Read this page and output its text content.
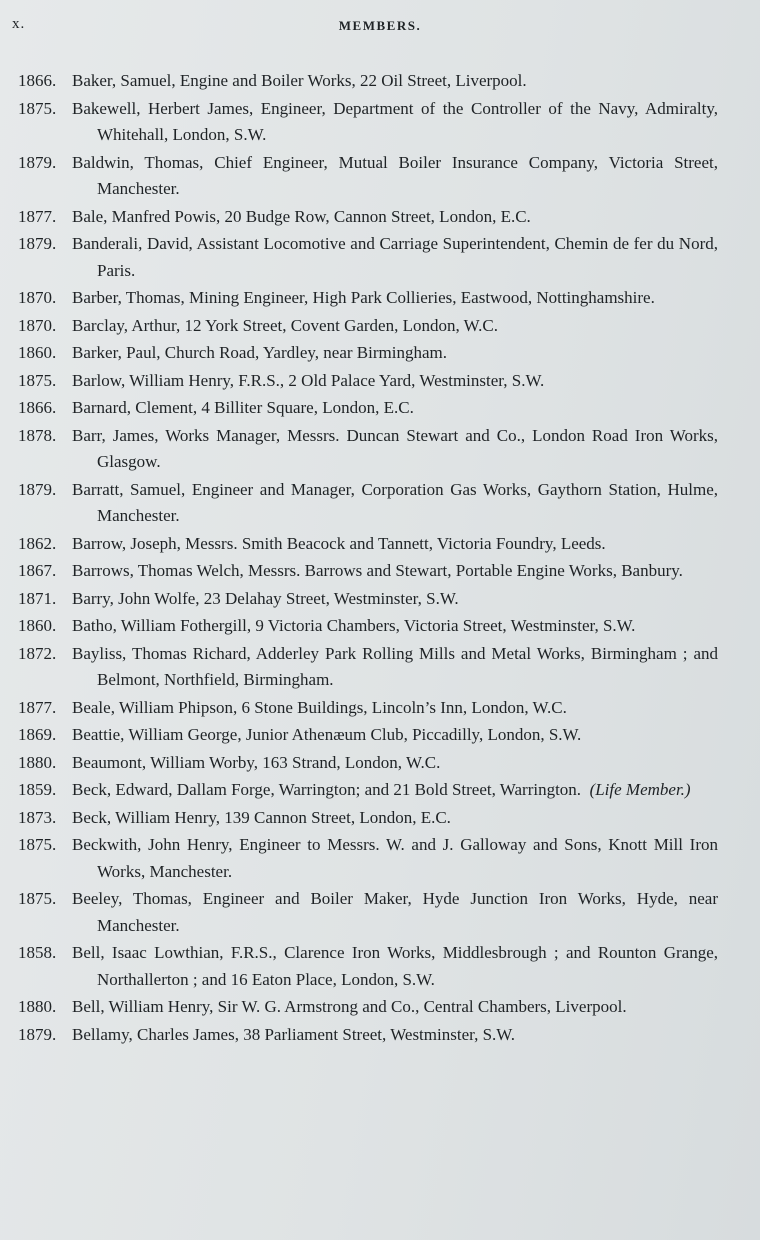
x.	MEMBERS.
1866. Baker, Samuel, Engine and Boiler Works, 22 Oil Street, Liverpool.
1875. Bakewell, Herbert James, Engineer, Department of the Controller of the Navy, Admiralty, Whitehall, London, S.W.
1879. Baldwin, Thomas, Chief Engineer, Mutual Boiler Insurance Company, Victoria Street, Manchester.
1877. Bale, Manfred Powis, 20 Budge Row, Cannon Street, London, E.C.
1879. Banderali, David, Assistant Locomotive and Carriage Superintendent, Chemin de fer du Nord, Paris.
1870. Barber, Thomas, Mining Engineer, High Park Collieries, Eastwood, Nottinghamshire.
1870. Barclay, Arthur, 12 York Street, Covent Garden, London, W.C.
1860. Barker, Paul, Church Road, Yardley, near Birmingham.
1875. Barlow, William Henry, F.R.S., 2 Old Palace Yard, Westminster, S.W.
1866. Barnard, Clement, 4 Billiter Square, London, E.C.
1878. Barr, James, Works Manager, Messrs. Duncan Stewart and Co., London Road Iron Works, Glasgow.
1879. Barratt, Samuel, Engineer and Manager, Corporation Gas Works, Gaythorn Station, Hulme, Manchester.
1862. Barrow, Joseph, Messrs. Smith Beacock and Tannett, Victoria Foundry, Leeds.
1867. Barrows, Thomas Welch, Messrs. Barrows and Stewart, Portable Engine Works, Banbury.
1871. Barry, John Wolfe, 23 Delahay Street, Westminster, S.W.
1860. Batho, William Fothergill, 9 Victoria Chambers, Victoria Street, Westminster, S.W.
1872. Bayliss, Thomas Richard, Adderley Park Rolling Mills and Metal Works, Birmingham ; and Belmont, Northfield, Birmingham.
1877. Beale, William Phipson, 6 Stone Buildings, Lincoln’s Inn, London, W.C.
1869. Beattie, William George, Junior Athenæum Club, Piccadilly, London, S.W.
1880. Beaumont, William Worby, 163 Strand, London, W.C.
1859. Beck, Edward, Dallam Forge, Warrington; and 21 Bold Street, Warrington.  (Life Member.)
1873. Beck, William Henry, 139 Cannon Street, London, E.C.
1875. Beckwith, John Henry, Engineer to Messrs. W. and J. Galloway and Sons, Knott Mill Iron Works, Manchester.
1875. Beeley, Thomas, Engineer and Boiler Maker, Hyde Junction Iron Works, Hyde, near Manchester.
1858. Bell, Isaac Lowthian, F.R.S., Clarence Iron Works, Middlesbrough ; and Rounton Grange, Northallerton ; and 16 Eaton Place, London, S.W.
1880. Bell, William Henry, Sir W. G. Armstrong and Co., Central Chambers, Liverpool.
1879. Bellamy, Charles James, 38 Parliament Street, Westminster, S.W.
